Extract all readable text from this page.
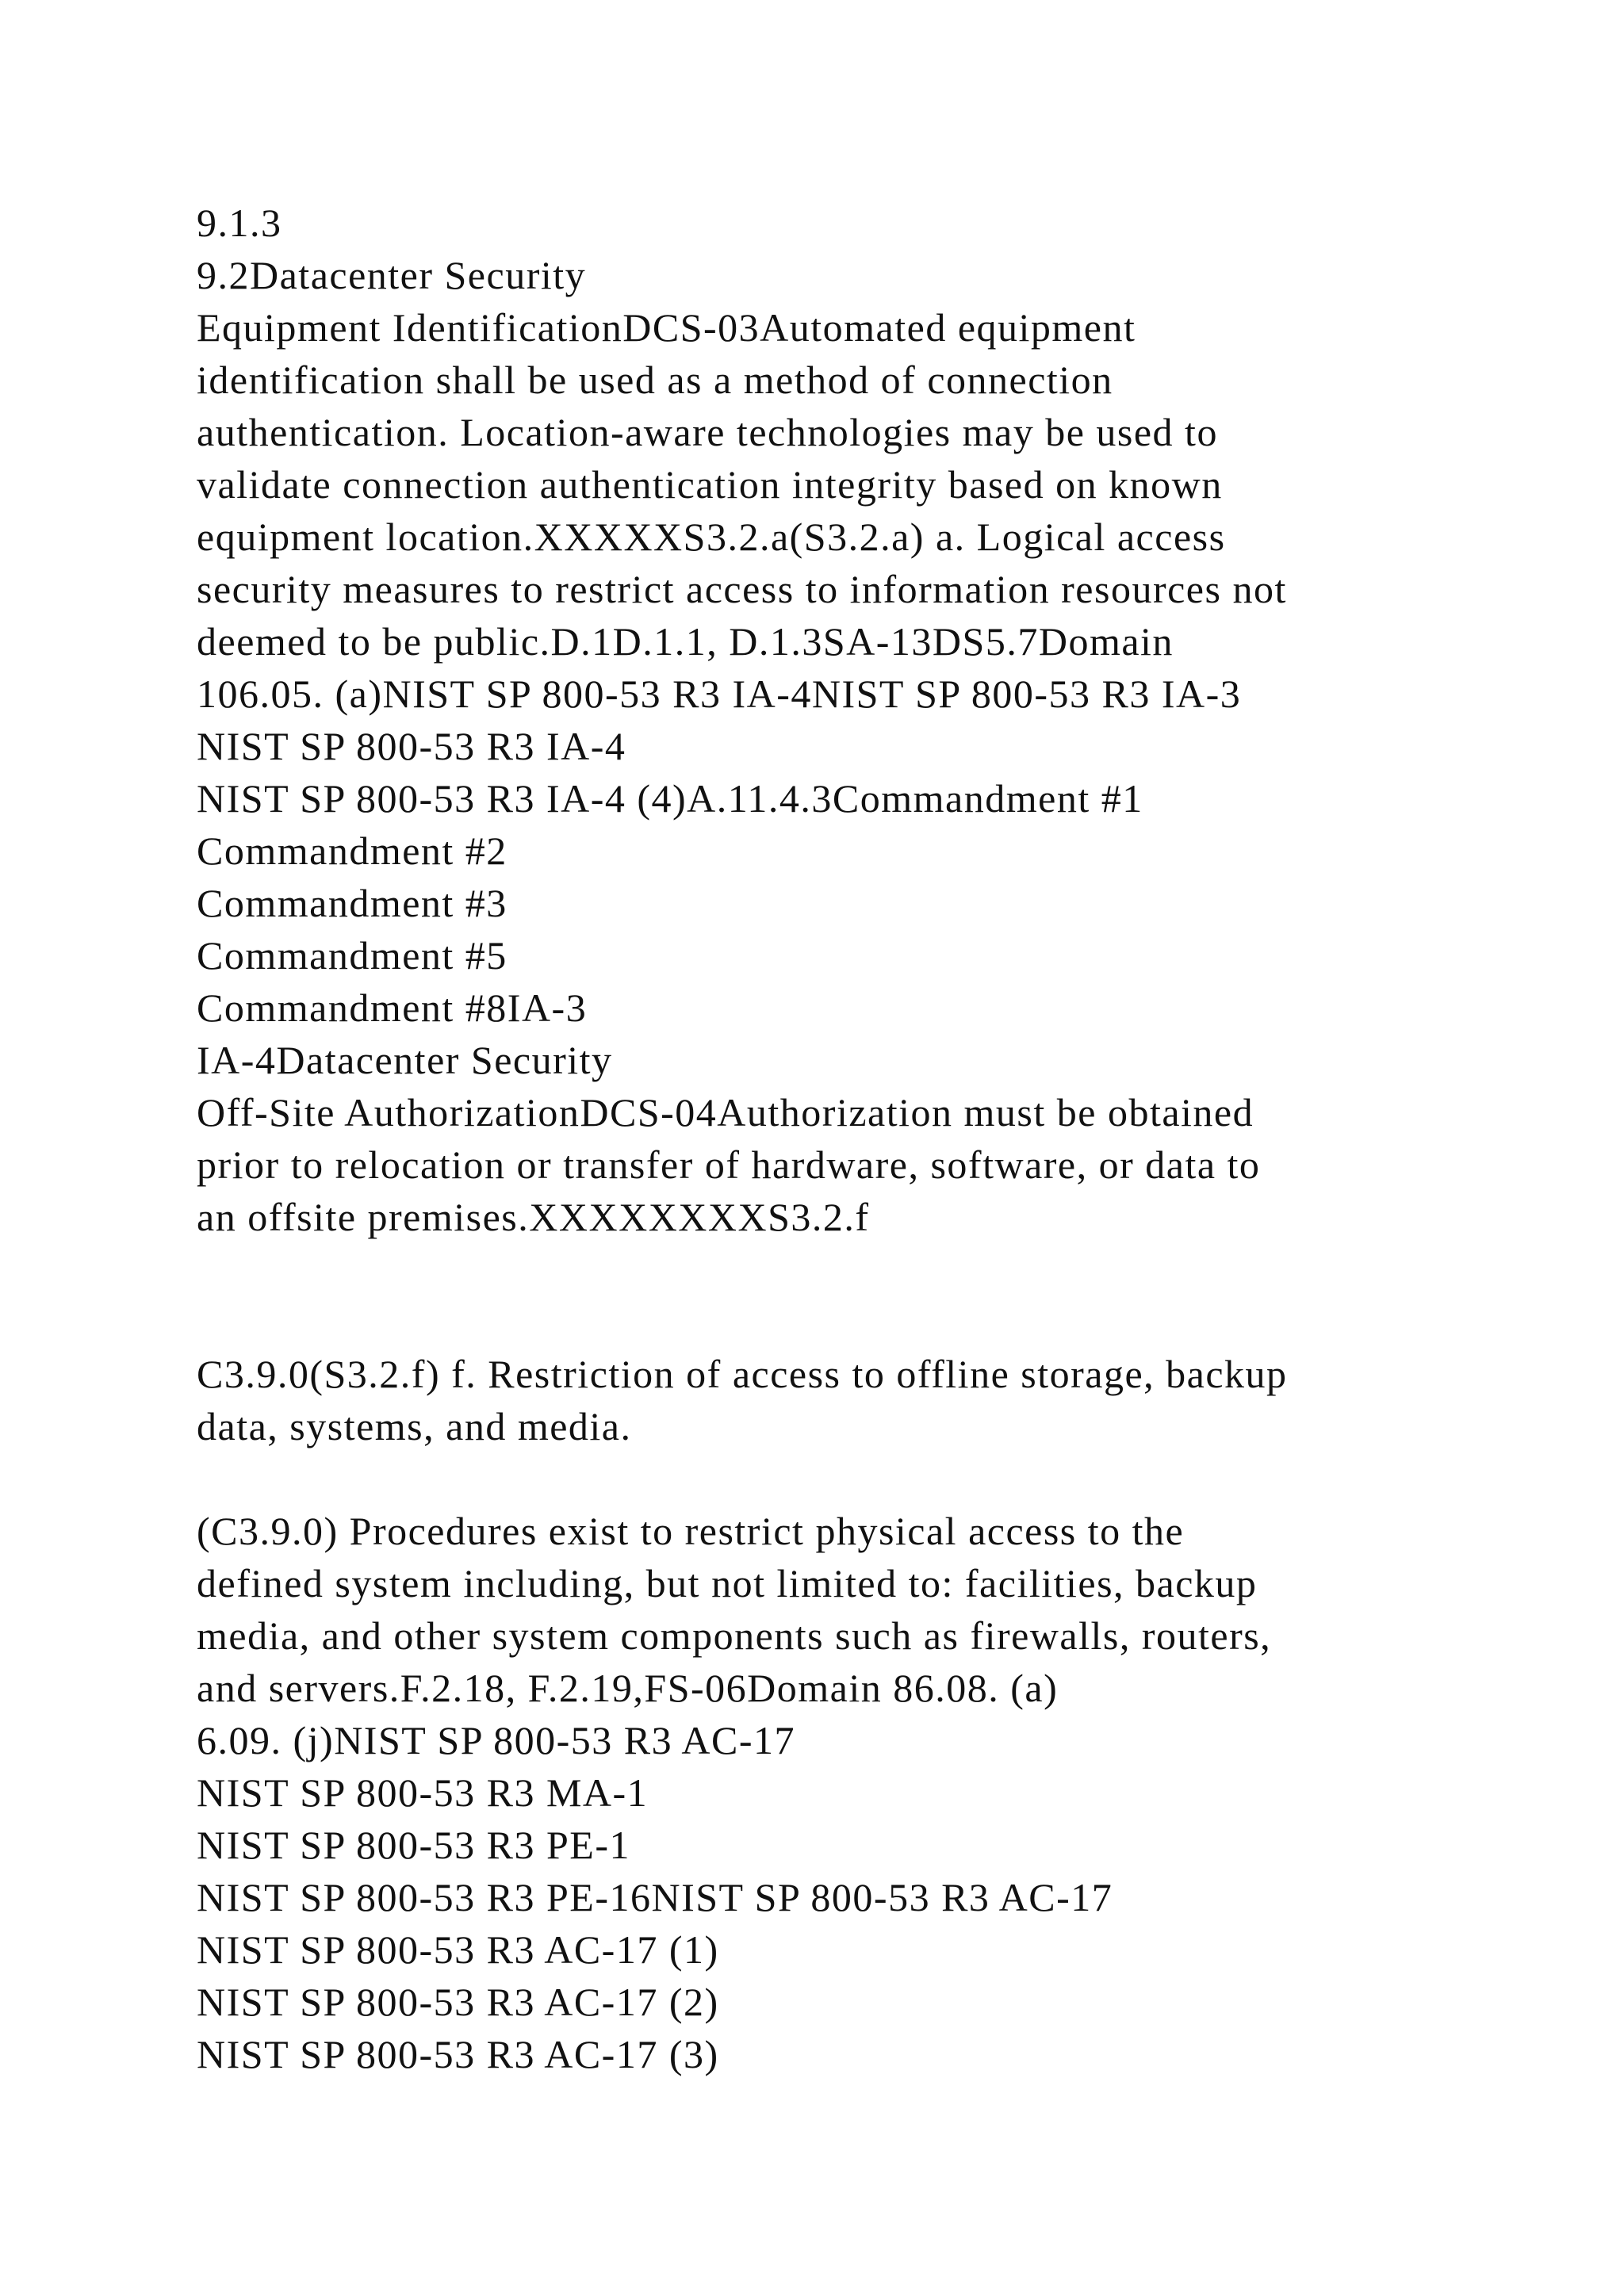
9.1.3
9.2Datacenter Security
Equipment IdentificationDCS-03Automated equipment
identification shall be used as a method of connection
authentication. Location-aware technologies may be used to
validate connection authentication integrity based on known
equipment location.XXXXXS3.2.a(S3.2.a) a. Logical access
security measures to restrict access to information resources not
deemed to be public.D.1D.1.1, D.1.3SA-13DS5.7Domain
106.05. (a)NIST SP 800-53 R3 IA-4NIST SP 800-53 R3 IA-3
NIST SP 800-53 R3 IA-4
NIST SP 800-53 R3 IA-4 (4)A.11.4.3Commandment #1
Commandment #2
Commandment #3
Commandment #5
Commandment #8IA-3
IA-4Datacenter Security
Off-Site AuthorizationDCS-04Authorization must be obtained
prior to relocation or transfer of hardware, software, or data to
an offsite premises.XXXXXXXXS3.2.f
C3.9.0(S3.2.f) f. Restriction of access to offline storage, backup
data, systems, and media.
(C3.9.0) Procedures exist to restrict physical access to the
defined system including, but not limited to: facilities, backup
media, and other system components such as firewalls, routers,
and servers.F.2.18, F.2.19,FS-06Domain 86.08. (a)
6.09. (j)NIST SP 800-53 R3 AC-17
NIST SP 800-53 R3 MA-1
NIST SP 800-53 R3 PE-1
NIST SP 800-53 R3 PE-16NIST SP 800-53 R3 AC-17
NIST SP 800-53 R3 AC-17 (1)
NIST SP 800-53 R3 AC-17 (2)
NIST SP 800-53 R3 AC-17 (3)
